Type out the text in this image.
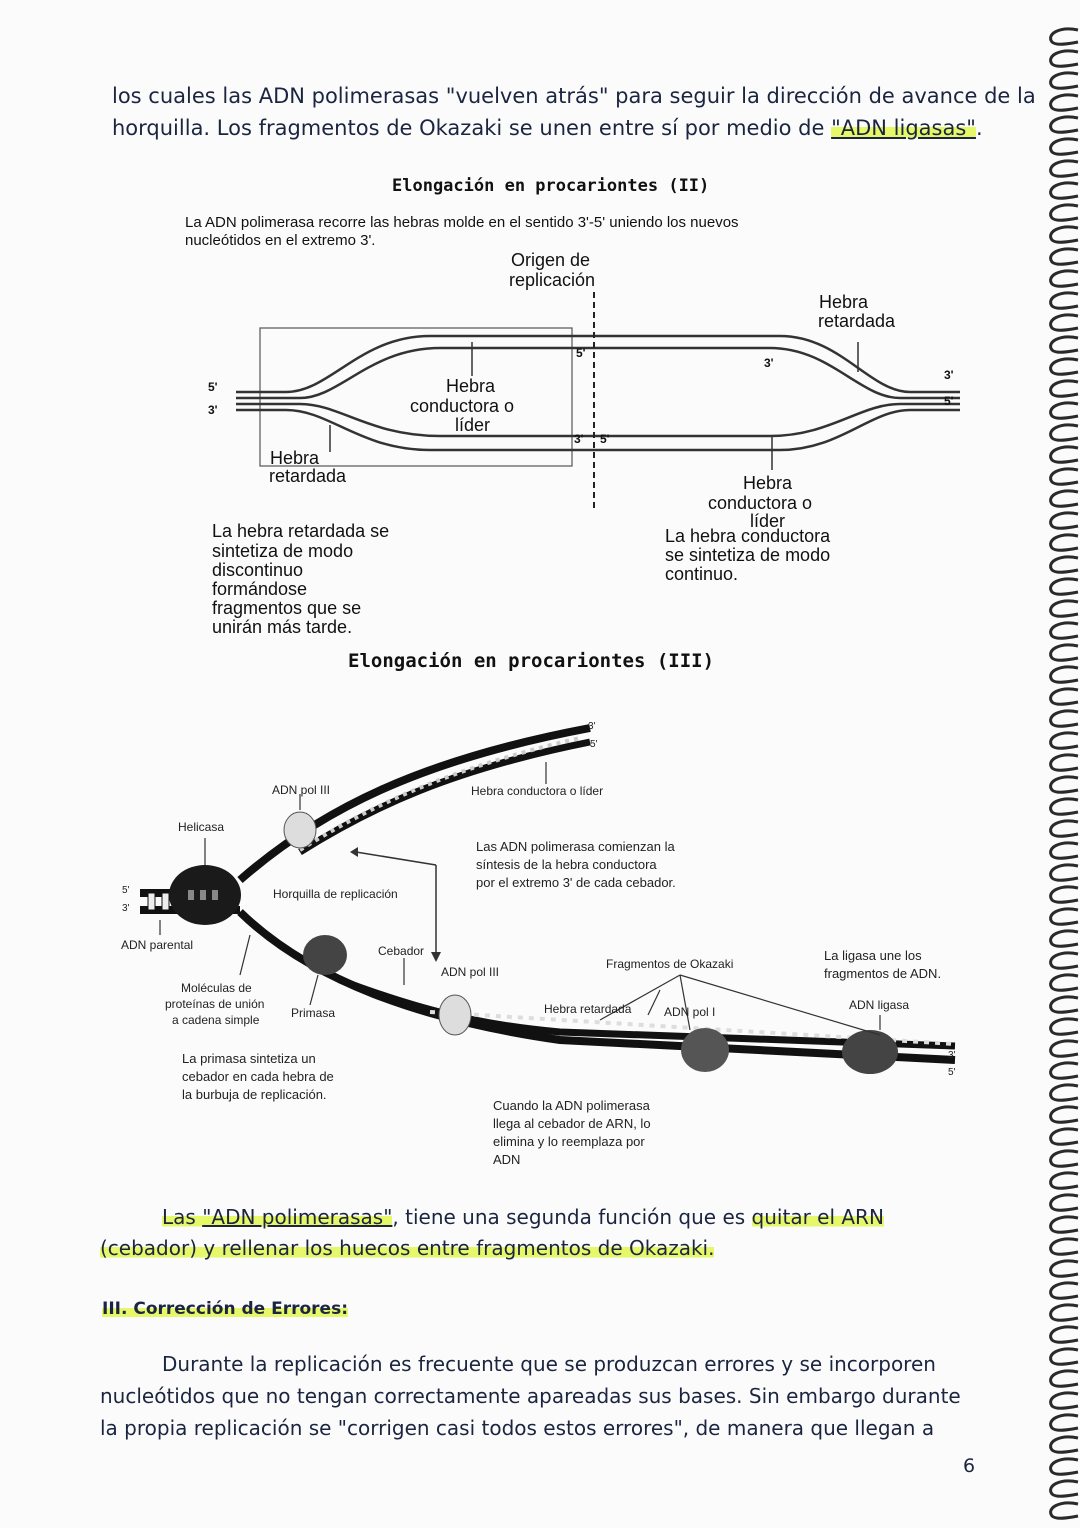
los cuales las ADN polimerasas "vuelven atrás" para seguir la dirección de avance de la
horquilla. Los fragmentos de Okazaki se unen entre sí por medio de "ADN ligasas".
Elongación en procariontes (II)
La ADN polimerasa recorre las hebras molde en el sentido 3'-5' uniendo los nuevos
nucleótidos en el extremo 3'.
Origen de
replicación
Hebra
retardada
5'
3'
3'
5'
5'
3' 5'
3'
Hebra
conductora o
líder
Hebra
retardada	Hebra
conductora o
líder
La hebra retardada se
sintetiza de modo
discontinuo
formándose
fragmentos que se
unirán más tarde.
La hebra conductora
se sintetiza de modo
continuo.
Elongación en procariontes (III)
Helicasa
ADN pol III	Hebra conductora o líder
3'
5'
Las ADN polimerasa comienzan la
síntesis de la hebra conductora
por el extremo 3' de cada cebador.
5'
3'
Horquilla de replicación
ADN parental	Cebador
ADN pol III
Fragmentos de Okazaki
La ligasa une los
fragmentos de ADN.
Moléculas de
proteínas de unión
a cadena simple	Primasa	Hebra retardada	ADN pol I	ADN ligasa
3'
5'
La primasa sintetiza un
cebador en cada hebra de
la burbuja de replicación.
Cuando la ADN polimerasa
llega al cebador de ARN, lo
elimina y lo reemplaza por
ADN
Las "ADN polimerasas", tiene una segunda función que es quitar el ARN
(cebador) y rellenar los huecos entre fragmentos de Okazaki.
III. Corrección de Errores:
Durante la replicación es frecuente que se produzcan errores y se incorporen
nucleótidos que no tengan correctamente apareadas sus bases. Sin embargo durante
la propia replicación se "corrigen casi todos estos errores", de manera que llegan a
6
